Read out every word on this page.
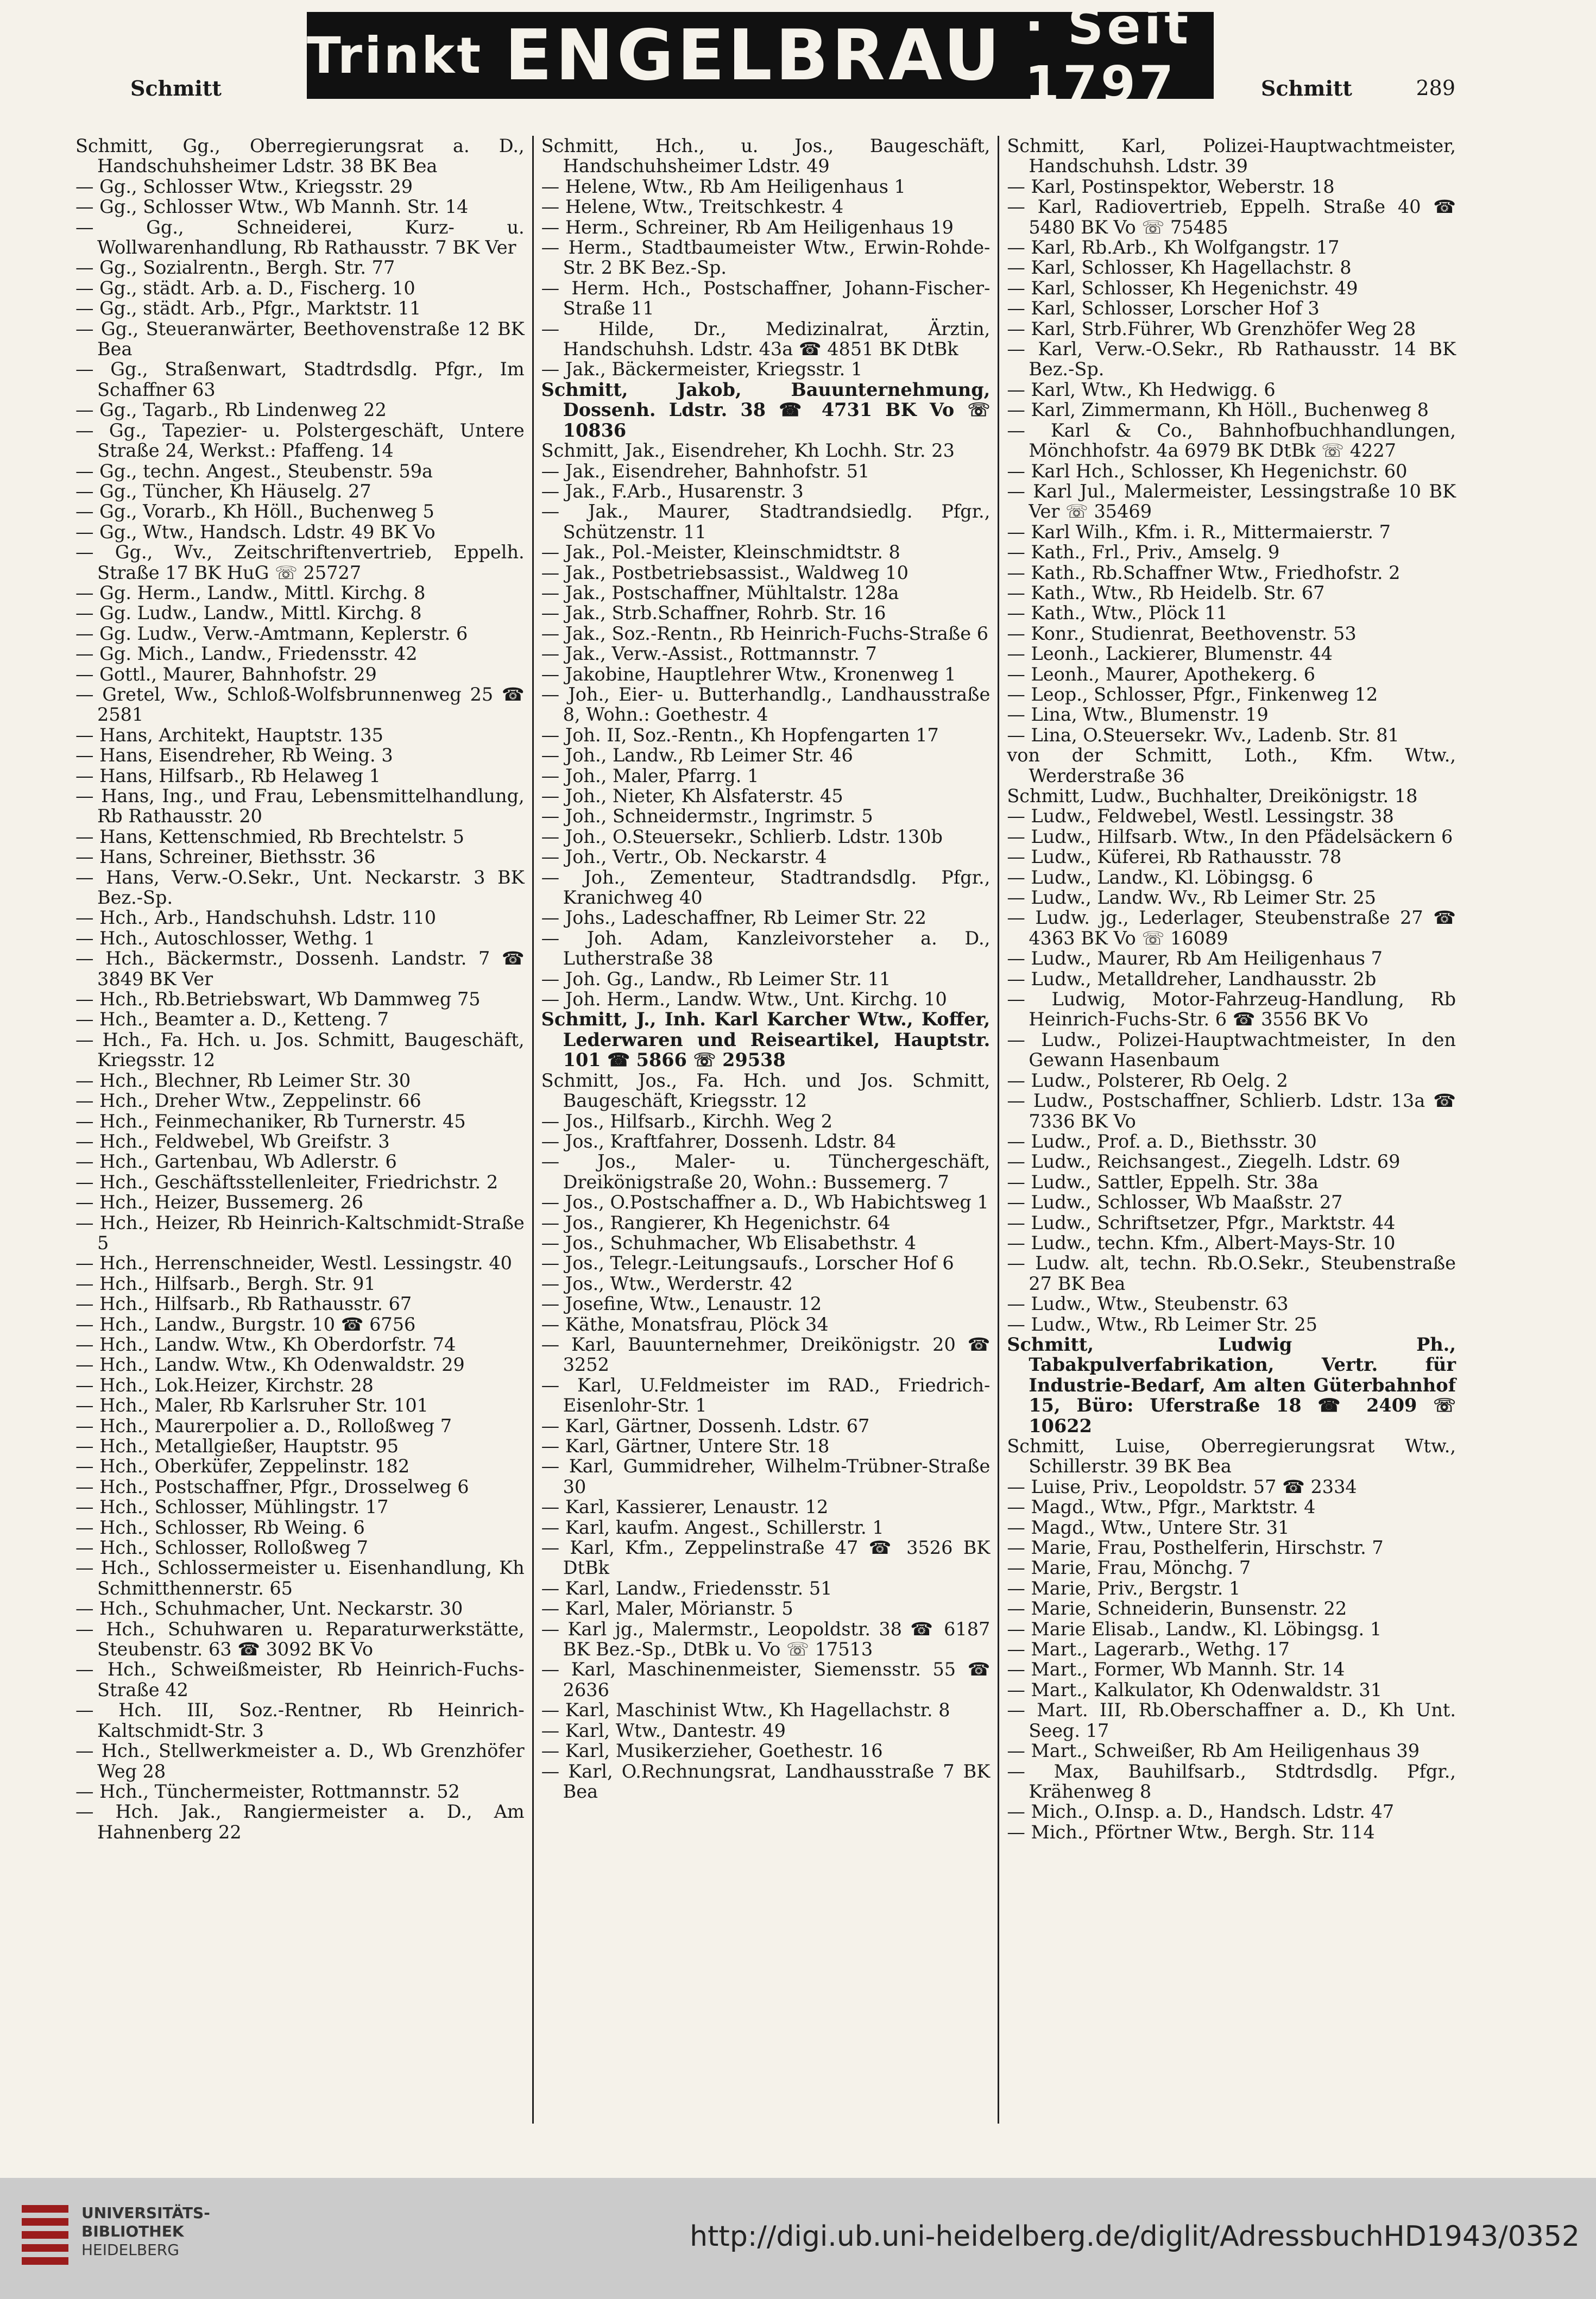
Trinkt ENGELBRAU · Seit 1797
Schmitt	Schmitt	289

Schmitt, Gg., Oberregierungsrat a. D., Handschuhsheimer Ldstr. 38 BK Bea

— Gg., Schlosser Wtw., Kriegsstr. 29

— Gg., Schlosser Wtw., Wb Mannh. Str. 14

— Gg., Schneiderei, Kurz- u. Wollwarenhandlung, Rb Rathausstr. 7 BK Ver

— Gg., Sozialrentn., Bergh. Str. 77

— Gg., städt. Arb. a. D., Fischerg. 10

— Gg., städt. Arb., Pfgr., Marktstr. 11

— Gg., Steueranwärter, Beethovenstraße 12 BK Bea

— Gg., Straßenwart, Stadtrdsdlg. Pfgr., Im Schaffner 63

— Gg., Tagarb., Rb Lindenweg 22

— Gg., Tapezier- u. Polstergeschäft, Untere Straße 24, Werkst.: Pfaffeng. 14

— Gg., techn. Angest., Steubenstr. 59a

— Gg., Tüncher, Kh Häuselg. 27

— Gg., Vorarb., Kh Höll., Buchenweg 5

— Gg., Wtw., Handsch. Ldstr. 49 BK Vo

— Gg., Wv., Zeitschriftenvertrieb, Eppelh. Straße 17 BK HuG ☏ 25727

— Gg. Herm., Landw., Mittl. Kirchg. 8

— Gg. Ludw., Landw., Mittl. Kirchg. 8

— Gg. Ludw., Verw.-Amtmann, Keplerstr. 6

— Gg. Mich., Landw., Friedensstr. 42

— Gottl., Maurer, Bahnhofstr. 29

— Gretel, Ww., Schloß-Wolfsbrunnenweg 25 ☎ 2581

— Hans, Architekt, Hauptstr. 135

— Hans, Eisendreher, Rb Weing. 3

— Hans, Hilfsarb., Rb Helaweg 1

— Hans, Ing., und Frau, Lebensmittelhandlung, Rb Rathausstr. 20

— Hans, Kettenschmied, Rb Brechtelstr. 5

— Hans, Schreiner, Biethsstr. 36

— Hans, Verw.-O.Sekr., Unt. Neckarstr. 3 BK Bez.-Sp.

— Hch., Arb., Handschuhsh. Ldstr. 110

— Hch., Autoschlosser, Wethg. 1

— Hch., Bäckermstr., Dossenh. Landstr. 7 ☎ 3849 BK Ver

— Hch., Rb.Betriebswart, Wb Dammweg 75

— Hch., Beamter a. D., Ketteng. 7

— Hch., Fa. Hch. u. Jos. Schmitt, Baugeschäft, Kriegsstr. 12

— Hch., Blechner, Rb Leimer Str. 30

— Hch., Dreher Wtw., Zeppelinstr. 66

— Hch., Feinmechaniker, Rb Turnerstr. 45

— Hch., Feldwebel, Wb Greifstr. 3

— Hch., Gartenbau, Wb Adlerstr. 6

— Hch., Geschäftsstellenleiter, Friedrichstr. 2

— Hch., Heizer, Bussemerg. 26

— Hch., Heizer, Rb Heinrich-Kaltschmidt-Straße 5

— Hch., Herrenschneider, Westl. Lessingstr. 40

— Hch., Hilfsarb., Bergh. Str. 91

— Hch., Hilfsarb., Rb Rathausstr. 67

— Hch., Landw., Burgstr. 10 ☎ 6756

— Hch., Landw. Wtw., Kh Oberdorfstr. 74

— Hch., Landw. Wtw., Kh Odenwaldstr. 29

— Hch., Lok.Heizer, Kirchstr. 28

— Hch., Maler, Rb Karlsruher Str. 101

— Hch., Maurerpolier a. D., Rolloßweg 7

— Hch., Metallgießer, Hauptstr. 95

— Hch., Oberküfer, Zeppelinstr. 182

— Hch., Postschaffner, Pfgr., Drosselweg 6

— Hch., Schlosser, Mühlingstr. 17

— Hch., Schlosser, Rb Weing. 6

— Hch., Schlosser, Rolloßweg 7

— Hch., Schlossermeister u. Eisenhandlung, Kh Schmitthennerstr. 65

— Hch., Schuhmacher, Unt. Neckarstr. 30

— Hch., Schuhwaren u. Reparaturwerkstätte, Steubenstr. 63 ☎ 3092 BK Vo

— Hch., Schweißmeister, Rb Heinrich-Fuchs-Straße 42

— Hch. III, Soz.-Rentner, Rb Heinrich-Kaltschmidt-Str. 3

— Hch., Stellwerkmeister a. D., Wb Grenzhöfer Weg 28

— Hch., Tünchermeister, Rottmannstr. 52

— Hch. Jak., Rangiermeister a. D., Am Hahnenberg 22

Schmitt, Hch., u. Jos., Baugeschäft, Handschuhsheimer Ldstr. 49

— Helene, Wtw., Rb Am Heiligenhaus 1

— Helene, Wtw., Treitschkestr. 4

— Herm., Schreiner, Rb Am Heiligenhaus 19

— Herm., Stadtbaumeister Wtw., Erwin-Rohde-Str. 2 BK Bez.-Sp.

— Herm. Hch., Postschaffner, Johann-Fischer-Straße 11

— Hilde, Dr., Medizinalrat, Ärztin, Handschuhsh. Ldstr. 43a ☎ 4851 BK DtBk

— Jak., Bäckermeister, Kriegsstr. 1

Schmitt, Jakob, Bauunternehmung, Dossenh. Ldstr. 38 ☎ 4731 BK Vo ☏ 10836

Schmitt, Jak., Eisendreher, Kh Lochh. Str. 23

— Jak., Eisendreher, Bahnhofstr. 51

— Jak., F.Arb., Husarenstr. 3

— Jak., Maurer, Stadtrandsiedlg. Pfgr., Schützenstr. 11

— Jak., Pol.-Meister, Kleinschmidtstr. 8

— Jak., Postbetriebsassist., Waldweg 10

— Jak., Postschaffner, Mühltalstr. 128a

— Jak., Strb.Schaffner, Rohrb. Str. 16

— Jak., Soz.-Rentn., Rb Heinrich-Fuchs-Straße 6

— Jak., Verw.-Assist., Rottmannstr. 7

— Jakobine, Hauptlehrer Wtw., Kronenweg 1

— Joh., Eier- u. Butterhandlg., Landhausstraße 8, Wohn.: Goethestr. 4

— Joh. II, Soz.-Rentn., Kh Hopfengarten 17

— Joh., Landw., Rb Leimer Str. 46

— Joh., Maler, Pfarrg. 1

— Joh., Nieter, Kh Alsfaterstr. 45

— Joh., Schneidermstr., Ingrimstr. 5

— Joh., O.Steuersekr., Schlierb. Ldstr. 130b

— Joh., Vertr., Ob. Neckarstr. 4

— Joh., Zementeur, Stadtrandsdlg. Pfgr., Kranichweg 40

— Johs., Ladeschaffner, Rb Leimer Str. 22

— Joh. Adam, Kanzleivorsteher a. D., Lutherstraße 38

— Joh. Gg., Landw., Rb Leimer Str. 11

— Joh. Herm., Landw. Wtw., Unt. Kirchg. 10

Schmitt, J., Inh. Karl Karcher Wtw., Koffer, Lederwaren und Reiseartikel, Hauptstr. 101 ☎ 5866 ☏ 29538

Schmitt, Jos., Fa. Hch. und Jos. Schmitt, Baugeschäft, Kriegsstr. 12

— Jos., Hilfsarb., Kirchh. Weg 2

— Jos., Kraftfahrer, Dossenh. Ldstr. 84

— Jos., Maler- u. Tünchergeschäft, Dreikönigstraße 20, Wohn.: Bussemerg. 7

— Jos., O.Postschaffner a. D., Wb Habichtsweg 1

— Jos., Rangierer, Kh Hegenichstr. 64

— Jos., Schuhmacher, Wb Elisabethstr. 4

— Jos., Telegr.-Leitungsaufs., Lorscher Hof 6

— Jos., Wtw., Werderstr. 42

— Josefine, Wtw., Lenaustr. 12

— Käthe, Monatsfrau, Plöck 34

— Karl, Bauunternehmer, Dreikönigstr. 20 ☎ 3252

— Karl, U.Feldmeister im RAD., Friedrich-Eisenlohr-Str. 1

— Karl, Gärtner, Dossenh. Ldstr. 67

— Karl, Gärtner, Untere Str. 18

— Karl, Gummidreher, Wilhelm-Trübner-Straße 30

— Karl, Kassierer, Lenaustr. 12

— Karl, kaufm. Angest., Schillerstr. 1

— Karl, Kfm., Zeppelinstraße 47 ☎ 3526 BK DtBk

— Karl, Landw., Friedensstr. 51

— Karl, Maler, Mörianstr. 5

— Karl jg., Malermstr., Leopoldstr. 38 ☎ 6187 BK Bez.-Sp., DtBk u. Vo ☏ 17513

— Karl, Maschinenmeister, Siemensstr. 55 ☎ 2636

— Karl, Maschinist Wtw., Kh Hagellachstr. 8

— Karl, Wtw., Dantestr. 49

— Karl, Musikerzieher, Goethestr. 16

— Karl, O.Rechnungsrat, Landhausstraße 7 BK Bea

Schmitt, Karl, Polizei-Hauptwachtmeister, Handschuhsh. Ldstr. 39

— Karl, Postinspektor, Weberstr. 18

— Karl, Radiovertrieb, Eppelh. Straße 40 ☎ 5480 BK Vo ☏ 75485

— Karl, Rb.Arb., Kh Wolfgangstr. 17

— Karl, Schlosser, Kh Hagellachstr. 8

— Karl, Schlosser, Kh Hegenichstr. 49

— Karl, Schlosser, Lorscher Hof 3

— Karl, Strb.Führer, Wb Grenzhöfer Weg 28

— Karl, Verw.-O.Sekr., Rb Rathausstr. 14 BK Bez.-Sp.

— Karl, Wtw., Kh Hedwigg. 6

— Karl, Zimmermann, Kh Höll., Buchenweg 8

— Karl & Co., Bahnhofbuchhandlungen, Mönchhofstr. 4a 6979 BK DtBk ☏ 4227

— Karl Hch., Schlosser, Kh Hegenichstr. 60

— Karl Jul., Malermeister, Lessingstraße 10 BK Ver ☏ 35469

— Karl Wilh., Kfm. i. R., Mittermaierstr. 7

— Kath., Frl., Priv., Amselg. 9

— Kath., Rb.Schaffner Wtw., Friedhofstr. 2

— Kath., Wtw., Rb Heidelb. Str. 67

— Kath., Wtw., Plöck 11

— Konr., Studienrat, Beethovenstr. 53

— Leonh., Lackierer, Blumenstr. 44

— Leonh., Maurer, Apothekerg. 6

— Leop., Schlosser, Pfgr., Finkenweg 12

— Lina, Wtw., Blumenstr. 19

— Lina, O.Steuersekr. Wv., Ladenb. Str. 81

von der Schmitt, Loth., Kfm. Wtw., Werderstraße 36

Schmitt, Ludw., Buchhalter, Dreikönigstr. 18

— Ludw., Feldwebel, Westl. Lessingstr. 38

— Ludw., Hilfsarb. Wtw., In den Pfädelsäckern 6

— Ludw., Küferei, Rb Rathausstr. 78

— Ludw., Landw., Kl. Löbingsg. 6

— Ludw., Landw. Wv., Rb Leimer Str. 25

— Ludw. jg., Lederlager, Steubenstraße 27 ☎ 4363 BK Vo ☏ 16089

— Ludw., Maurer, Rb Am Heiligenhaus 7

— Ludw., Metalldreher, Landhausstr. 2b

— Ludwig, Motor-Fahrzeug-Handlung, Rb Heinrich-Fuchs-Str. 6 ☎ 3556 BK Vo

— Ludw., Polizei-Hauptwachtmeister, In den Gewann Hasenbaum

— Ludw., Polsterer, Rb Oelg. 2

— Ludw., Postschaffner, Schlierb. Ldstr. 13a ☎ 7336 BK Vo

— Ludw., Prof. a. D., Biethsstr. 30

— Ludw., Reichsangest., Ziegelh. Ldstr. 69

— Ludw., Sattler, Eppelh. Str. 38a

— Ludw., Schlosser, Wb Maaßstr. 27

— Ludw., Schriftsetzer, Pfgr., Marktstr. 44

— Ludw., techn. Kfm., Albert-Mays-Str. 10

— Ludw. alt, techn. Rb.O.Sekr., Steubenstraße 27 BK Bea

— Ludw., Wtw., Steubenstr. 63

— Ludw., Wtw., Rb Leimer Str. 25

Schmitt, Ludwig Ph., Tabakpulverfabrikation, Vertr. für Industrie-Bedarf, Am alten Güterbahnhof 15, Büro: Uferstraße 18 ☎ 2409 ☏ 10622

Schmitt, Luise, Oberregierungsrat Wtw., Schillerstr. 39 BK Bea

— Luise, Priv., Leopoldstr. 57 ☎ 2334

— Magd., Wtw., Pfgr., Marktstr. 4

— Magd., Wtw., Untere Str. 31

— Marie, Frau, Posthelferin, Hirschstr. 7

— Marie, Frau, Mönchg. 7

— Marie, Priv., Bergstr. 1

— Marie, Schneiderin, Bunsenstr. 22

— Marie Elisab., Landw., Kl. Löbingsg. 1

— Mart., Lagerarb., Wethg. 17

— Mart., Former, Wb Mannh. Str. 14

— Mart., Kalkulator, Kh Odenwaldstr. 31

— Mart. III, Rb.Oberschaffner a. D., Kh Unt. Seeg. 17

— Mart., Schweißer, Rb Am Heiligenhaus 39

— Max, Bauhilfsarb., Stdtrdsdlg. Pfgr., Krähenweg 8

— Mich., O.Insp. a. D., Handsch. Ldstr. 47

— Mich., Pförtner Wtw., Bergh. Str. 114

UNIVERSITÄTS-
BIBLIOTHEK
HEIDELBERG	http://digi.ub.uni-heidelberg.de/diglit/AdressbuchHD1943/0352
